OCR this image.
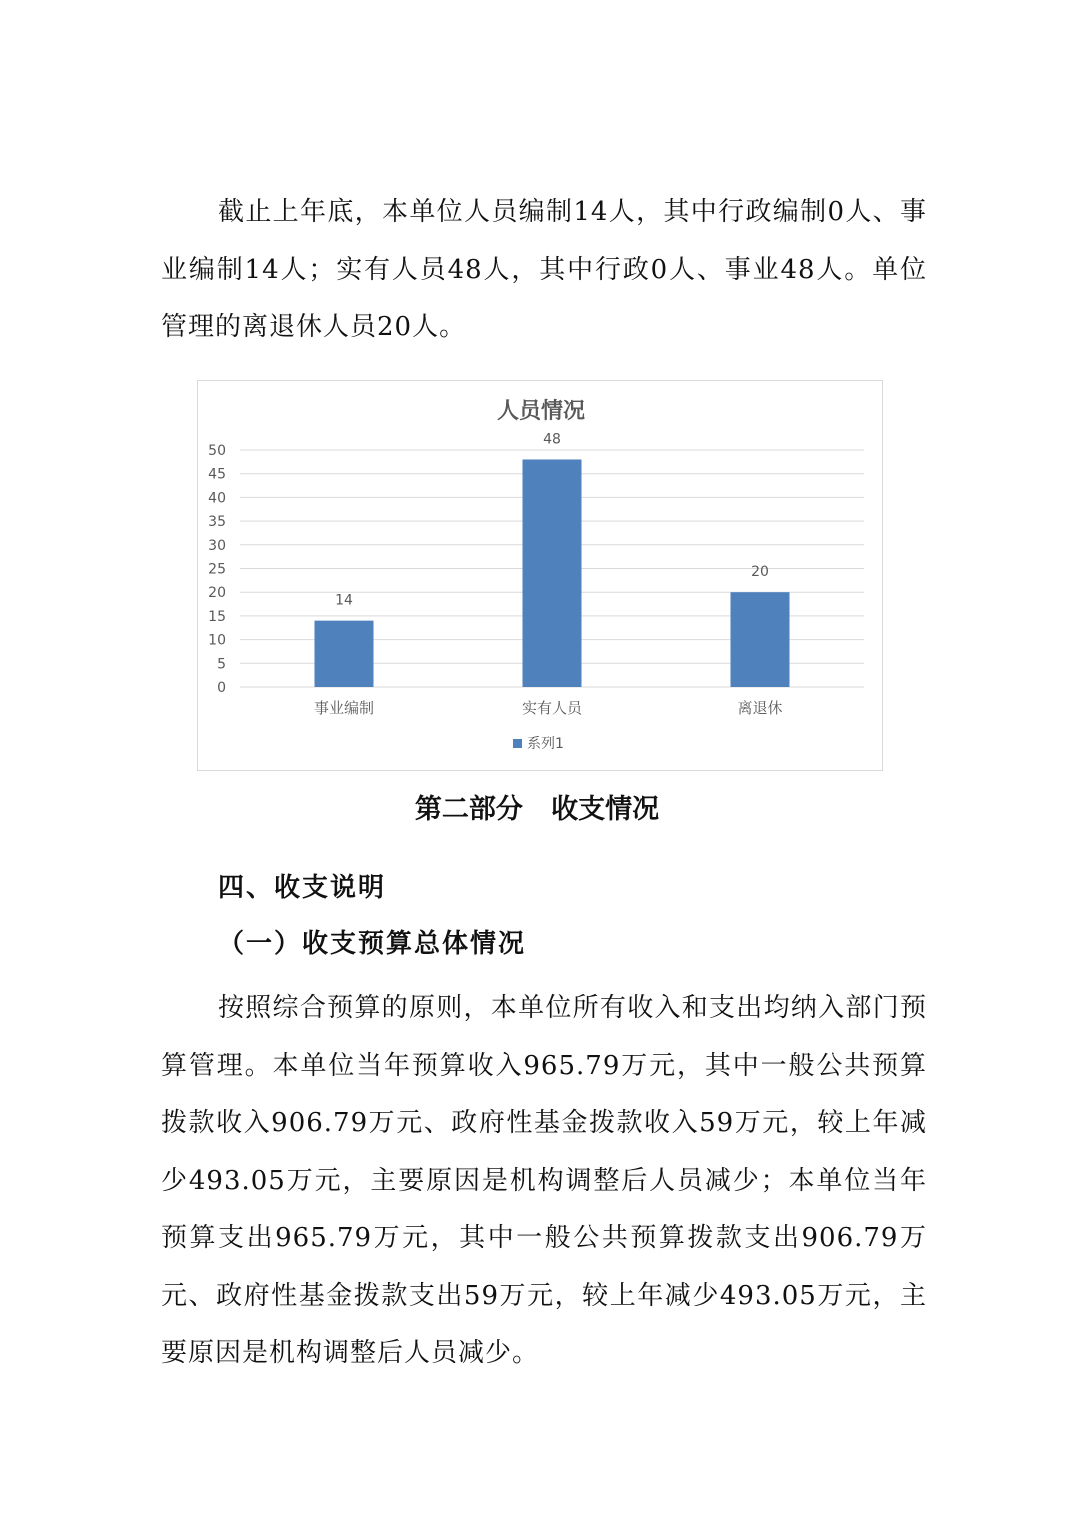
截止上年底，本单位人员编制14人，其中行政编制0人、事业编制14人；实有人员48人，其中行政0人、事业48人。单位管理的离退休人员20人。

人员情况
0
5
10
15
20
25
30
35
40
45
50
14
48
20
事业编制	实有人员	离退休
系列1

第二部分   收支情况

四、收支说明

（一）收支预算总体情况

按照综合预算的原则，本单位所有收入和支出均纳入部门预算管理。本单位当年预算收入965.79万元，其中一般公共预算拨款收入906.79万元、政府性基金拨款收入59万元，较上年减少493.05万元，主要原因是机构调整后人员减少；本单位当年预算支出965.79万元，其中一般公共预算拨款支出906.79万元、政府性基金拨款支出59万元，较上年减少493.05万元，主要原因是机构调整后人员减少。
